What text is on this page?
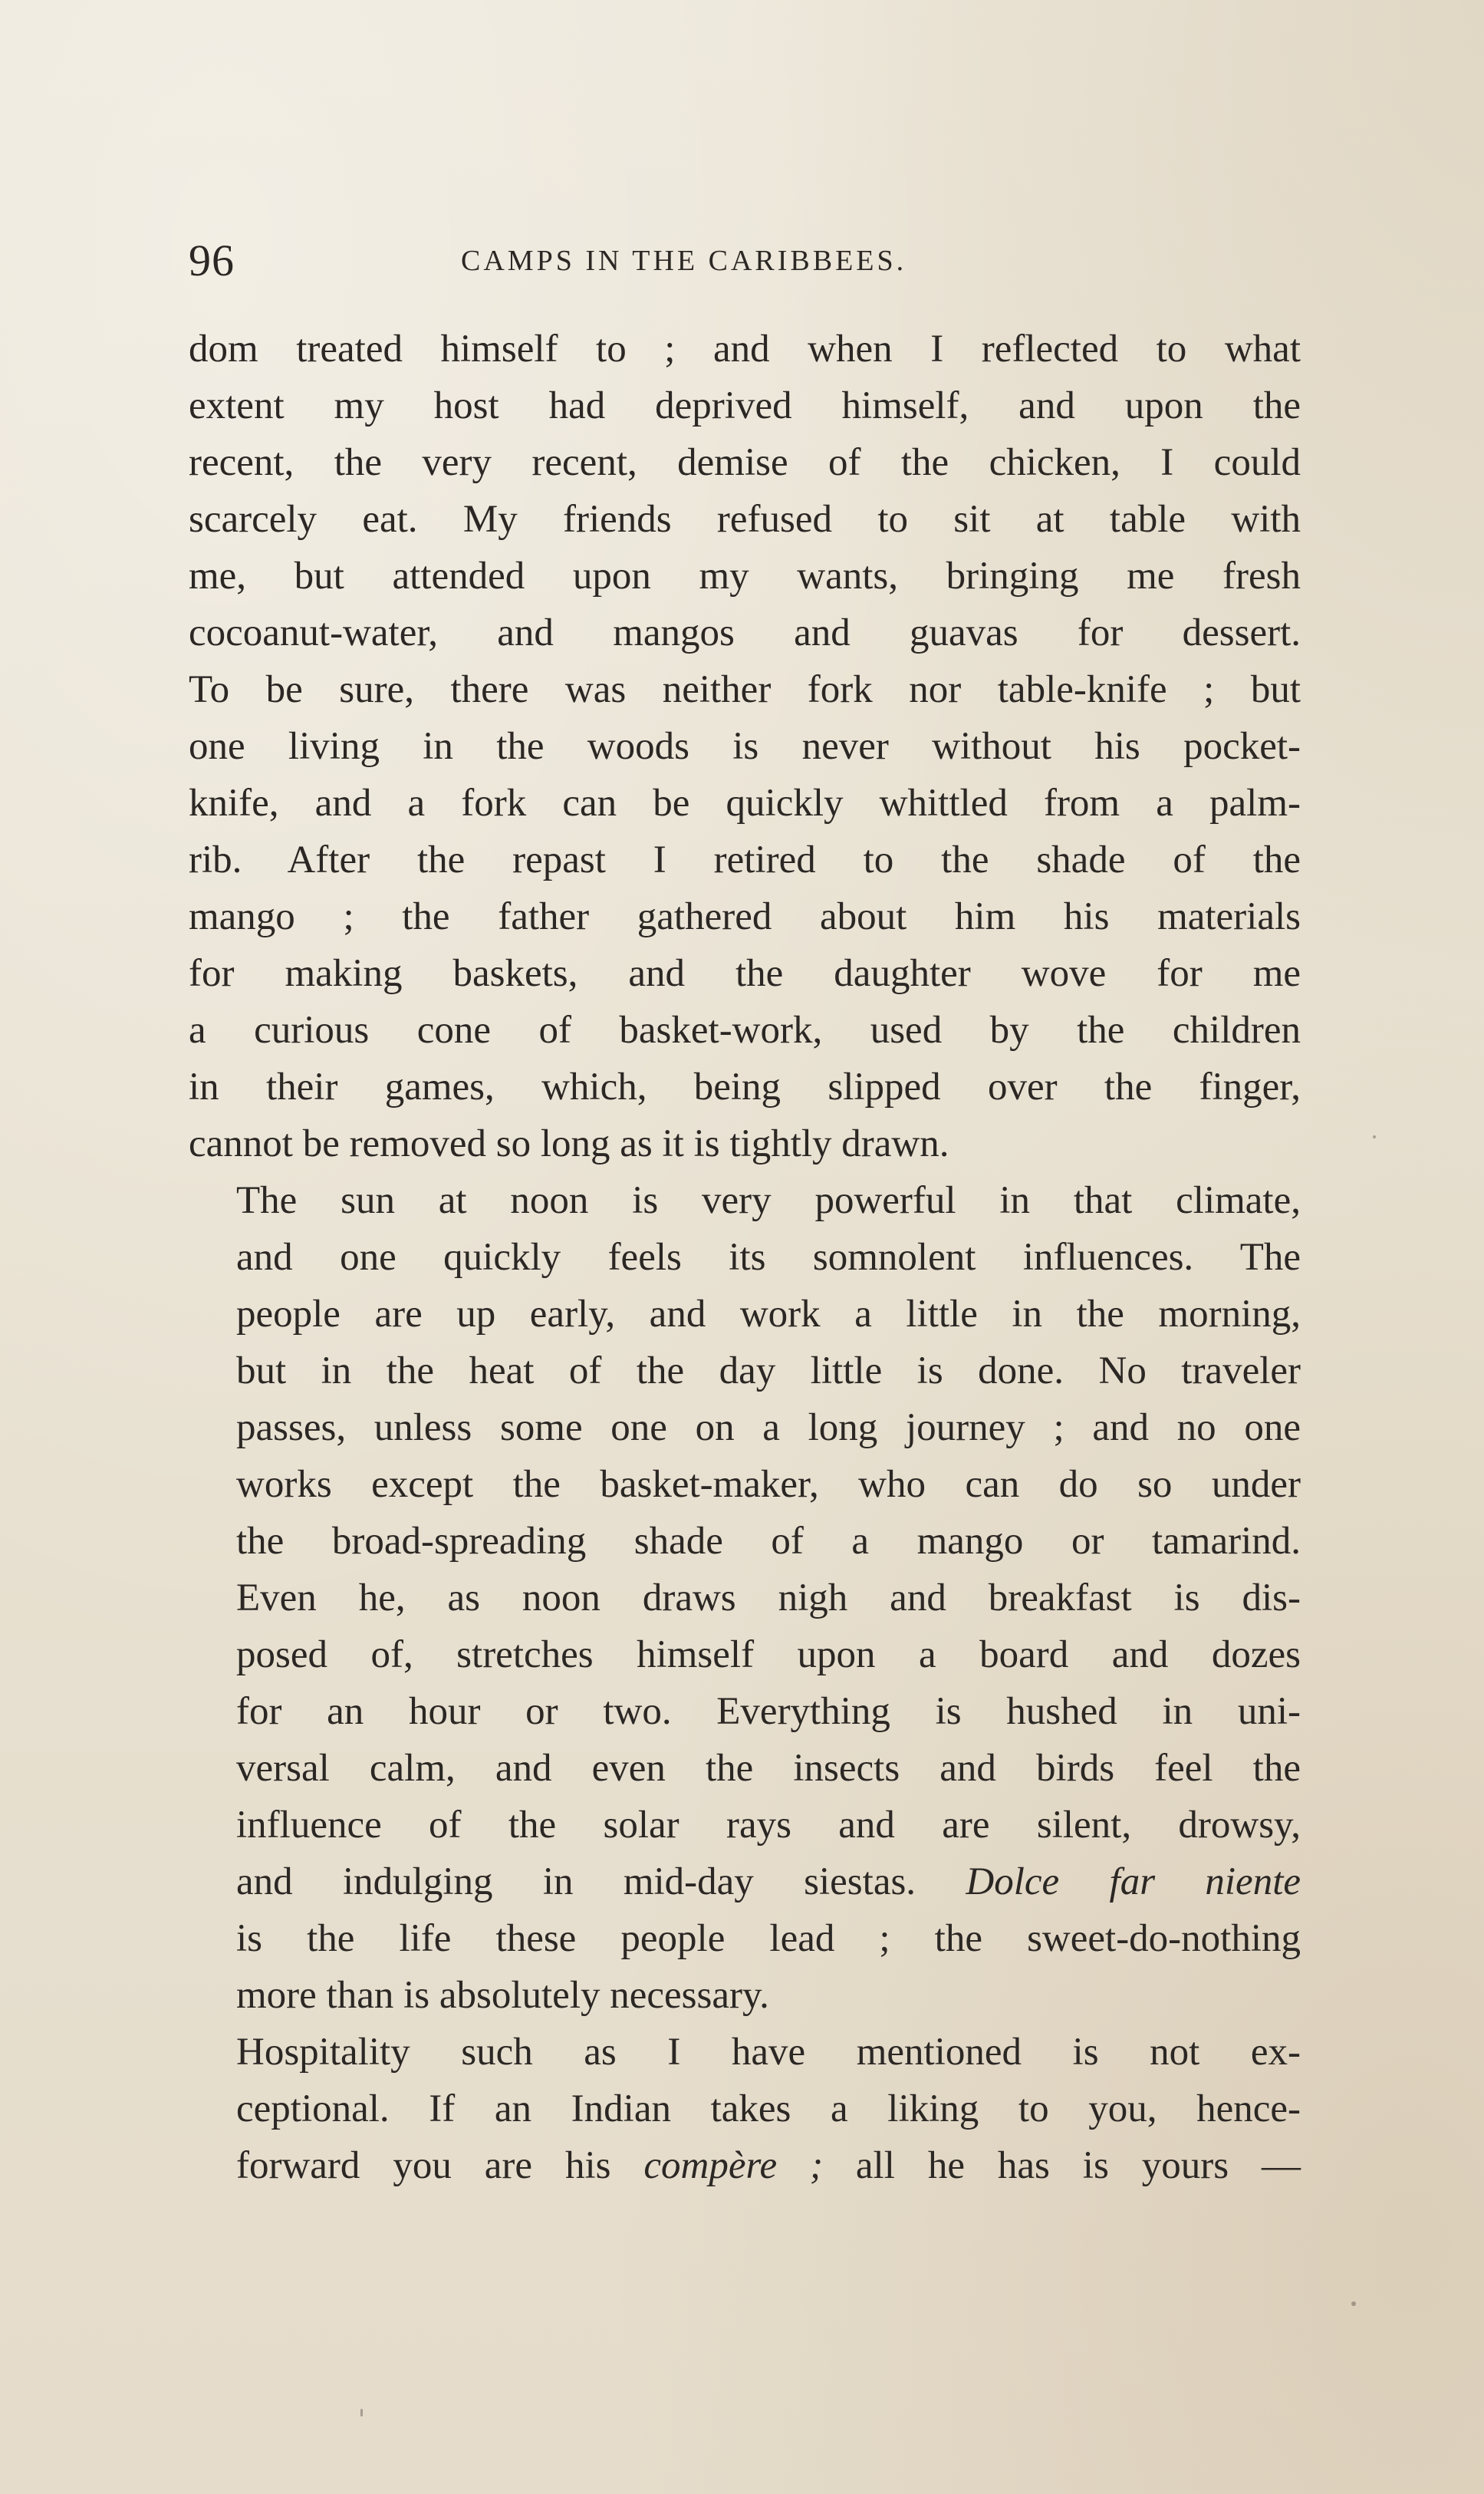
96	CAMPS IN THE CARIBBEES.

dom treated himself to ; and when I reflected to what
extent my host had deprived himself, and upon the
recent, the very recent, demise of the chicken, I could
scarcely eat. My friends refused to sit at table with
me, but attended upon my wants, bringing me fresh
cocoanut-water, and mangos and guavas for dessert.
To be sure, there was neither fork nor table-knife ; but
one living in the woods is never without his pocket-
knife, and a fork can be quickly whittled from a palm-
rib. After the repast I retired to the shade of the
mango ; the father gathered about him his materials
for making baskets, and the daughter wove for me
a curious cone of basket-work, used by the children
in their games, which, being slipped over the finger,
cannot be removed so long as it is tightly drawn.

The sun at noon is very powerful in that climate,
and one quickly feels its somnolent influences. The
people are up early, and work a little in the morning,
but in the heat of the day little is done. No traveler
passes, unless some one on a long journey ; and no one
works except the basket-maker, who can do so under
the broad-spreading shade of a mango or tamarind.
Even he, as noon draws nigh and breakfast is dis-
posed of, stretches himself upon a board and dozes
for an hour or two. Everything is hushed in uni-
versal calm, and even the insects and birds feel the
influence of the solar rays and are silent, drowsy,
and indulging in mid-day siestas. Dolce far niente
is the life these people lead ; the sweet-do-nothing
more than is absolutely necessary.

Hospitality such as I have mentioned is not ex-
ceptional. If an Indian takes a liking to you, hence-
forward you are his compère ; all he has is yours —
